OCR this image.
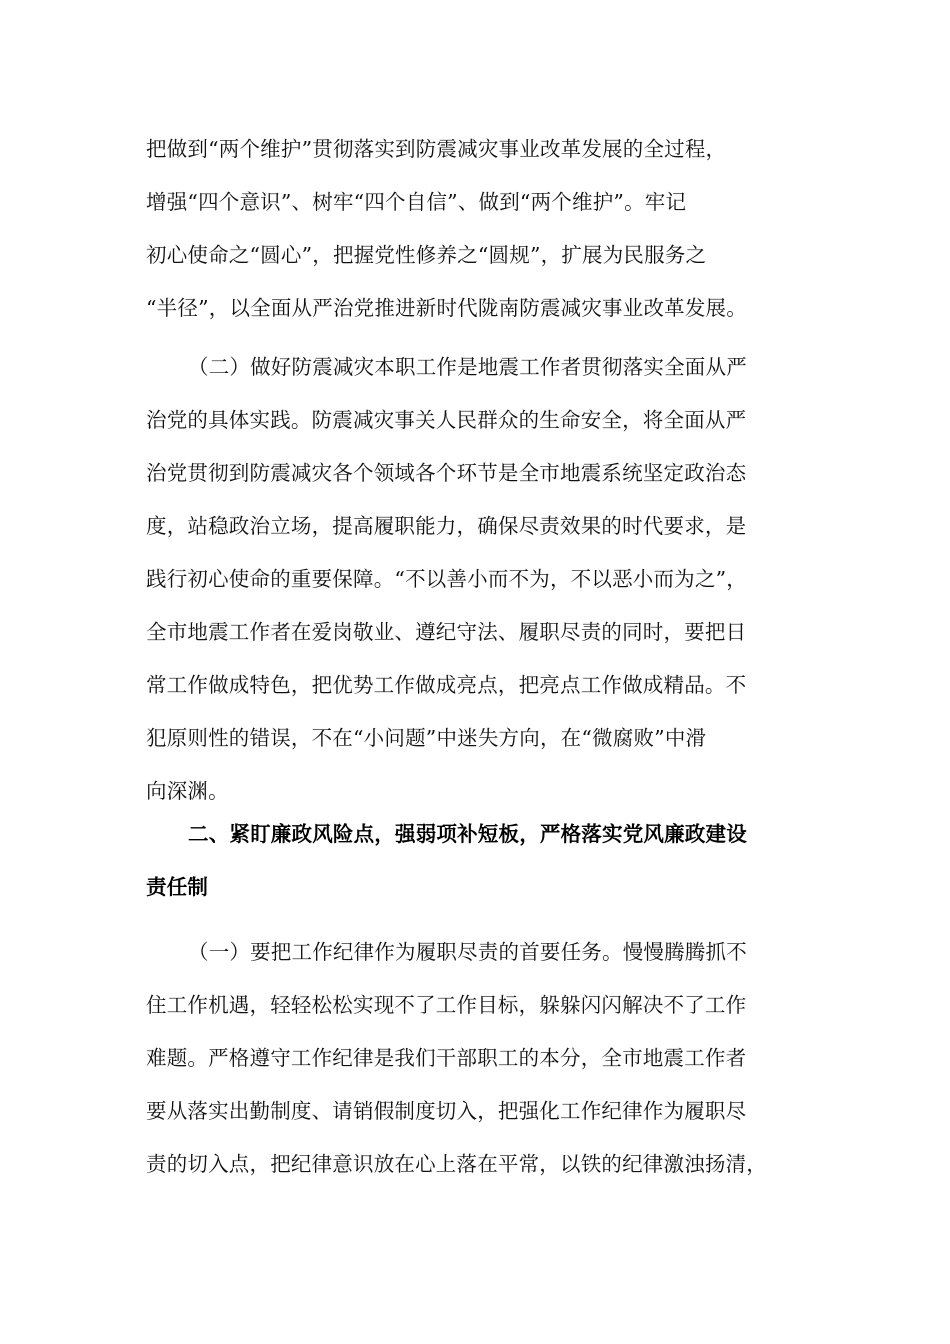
把做到“两个维护”贯彻落实到防震减灾事业改革发展的全过程，
增强“四个意识”、树牢“四个自信”、做到“两个维护”。牢记
初心使命之“圆心”，把握党性修养之“圆规”，扩展为民服务之
“半径”，以全面从严治党推进新时代陇南防震减灾事业改革发展。
（二）做好防震减灾本职工作是地震工作者贯彻落实全面从严
治党的具体实践。防震减灾事关人民群众的生命安全，将全面从严
治党贯彻到防震减灾各个领域各个环节是全市地震系统坚定政治态
度，站稳政治立场，提高履职能力，确保尽责效果的时代要求，是
践行初心使命的重要保障。“不以善小而不为，不以恶小而为之”，
全市地震工作者在爱岗敬业、遵纪守法、履职尽责的同时，要把日
常工作做成特色，把优势工作做成亮点，把亮点工作做成精品。不
犯原则性的错误，不在“小问题”中迷失方向，在“微腐败”中滑
向深渊。
二、紧盯廉政风险点，强弱项补短板，严格落实党风廉政建设
责任制
（一）要把工作纪律作为履职尽责的首要任务。慢慢腾腾抓不
住工作机遇，轻轻松松实现不了工作目标，躲躲闪闪解决不了工作
难题。严格遵守工作纪律是我们干部职工的本分，全市地震工作者
要从落实出勤制度、请销假制度切入，把强化工作纪律作为履职尽
责的切入点，把纪律意识放在心上落在平常，以铁的纪律激浊扬清，
